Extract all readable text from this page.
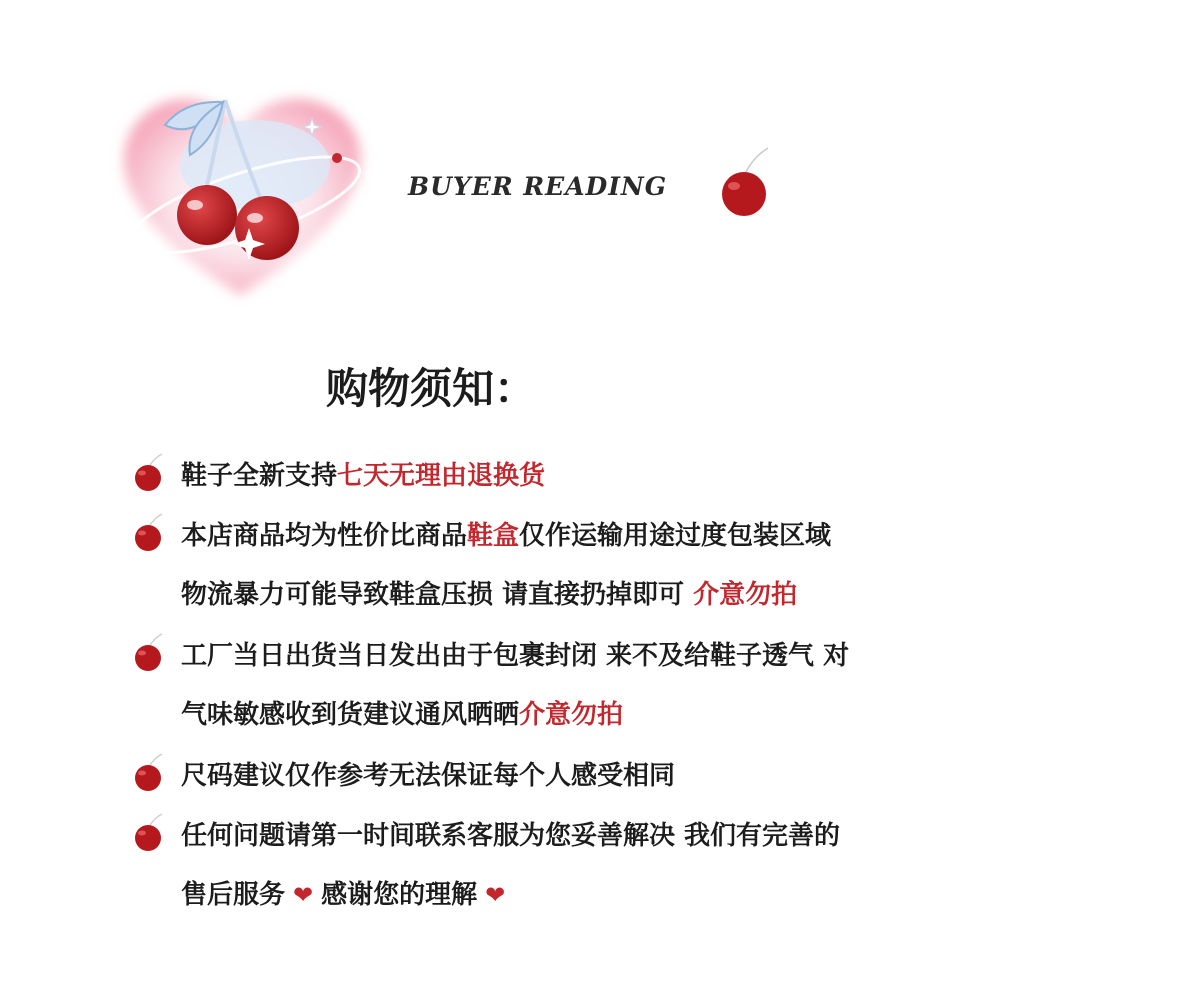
BUYER READING
购物须知：
鞋子全新支持七天无理由退换货
本店商品均为性价比商品鞋盒仅作运输用途过度包装区域
物流暴力可能导致鞋盒压损 请直接扔掉即可 介意勿拍
工厂当日出货当日发出由于包裹封闭 来不及给鞋子透气 对
气味敏感收到货建议通风晒晒介意勿拍
尺码建议仅作参考无法保证每个人感受相同
任何问题请第一时间联系客服为您妥善解决 我们有完善的
售后服务 ❤ 感谢您的理解 ❤
